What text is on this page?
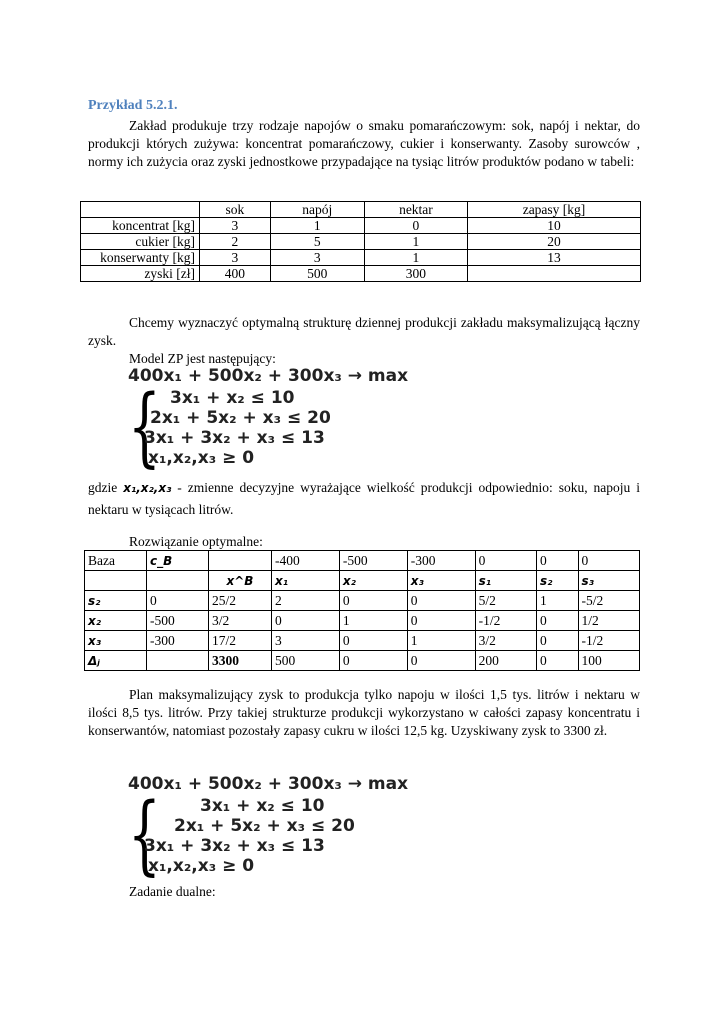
Przykład 5.2.1.
Zakład produkuje trzy rodzaje napojów o smaku pomarańczowym: sok, napój i nektar, do produkcji których zużywa: koncentrat pomarańczowy, cukier i konserwanty. Zasoby surowców , normy ich zużycia oraz zyski jednostkowe przypadające na tysiąc litrów produktów podano w tabeli:
	sok	napój	nektar	zapasy [kg]
koncentrat [kg]	3	1	0	10
cukier [kg]	2	5	1	20
konserwanty [kg]	3	3	1	13
zyski [zł]	400	500	300	
Chcemy wyznaczyć optymalną strukturę dziennej produkcji zakładu maksymalizującą łączny zysk.
Model ZP jest następujący:
400x₁ + 500x₂ + 300x₃ → max
{ 3x₁ + x₂ ≤ 10
2x₁ + 5x₂ + x₃ ≤ 20
3x₁ + 3x₂ + x₃ ≤ 13
x₁,x₂,x₃ ≥ 0
gdzie x₁,x₂,x₃ - zmienne decyzyjne wyrażające wielkość produkcji odpowiednio: soku, napoju i nektaru w tysiącach litrów.
Rozwiązanie optymalne:
Baza	c_B		-400	-500	-300	0	0	0
		x^B	x₁	x₂	x₃	s₁	s₂	s₃
s₂	0	25/2	2	0	0	5/2	1	-5/2
x₂	-500	3/2	0	1	0	-1/2	0	1/2
x₃	-300	17/2	3	0	1	3/2	0	-1/2
Δⱼ		3300	500	0	0	200	0	100
Plan maksymalizujący zysk to produkcja tylko napoju w ilości 1,5 tys. litrów i nektaru w ilości 8,5 tys. litrów. Przy takiej strukturze produkcji wykorzystano w całości zapasy koncentratu i konserwantów, natomiast pozostały zapasy cukru w ilości 12,5 kg. Uzyskiwany zysk to 3300 zł.
400x₁ + 500x₂ + 300x₃ → max
{ 3x₁ + x₂ ≤ 10
2x₁ + 5x₂ + x₃ ≤ 20
3x₁ + 3x₂ + x₃ ≤ 13
x₁,x₂,x₃ ≥ 0
Zadanie dualne:
